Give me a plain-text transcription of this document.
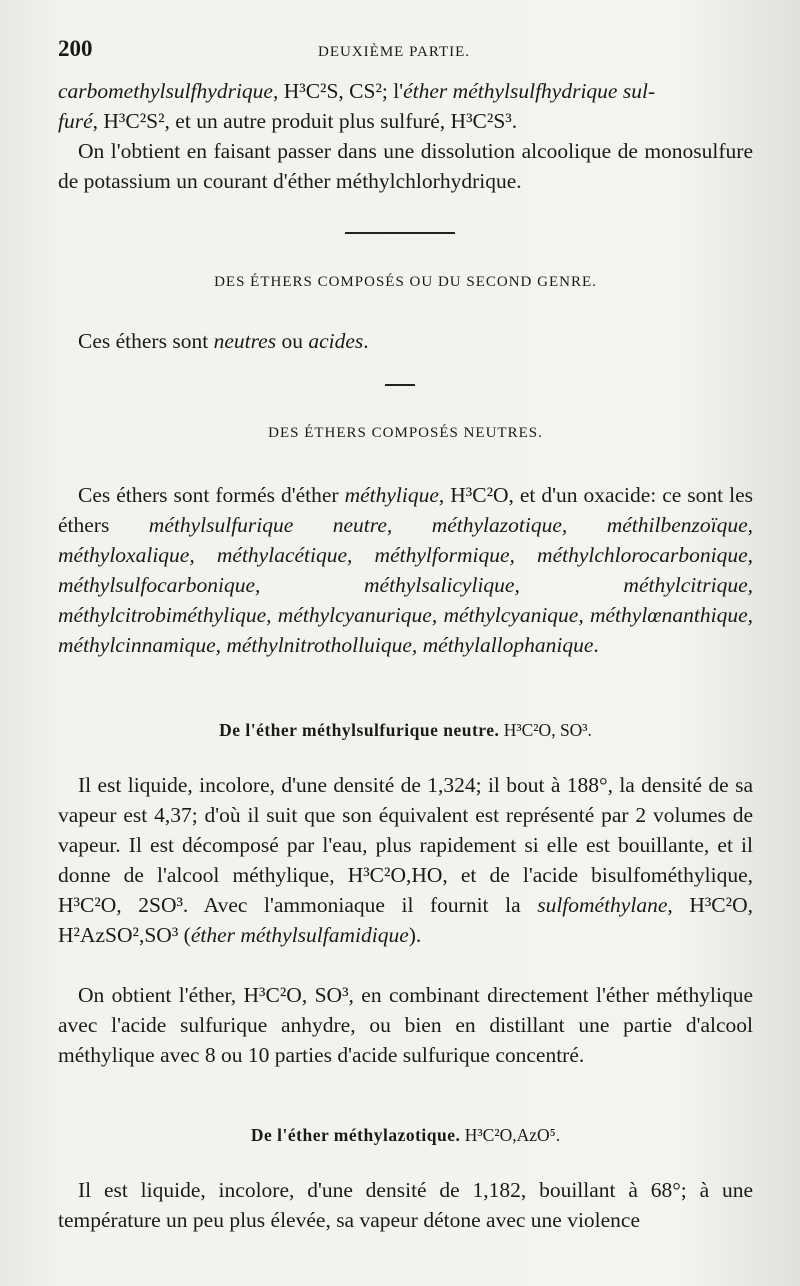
200	DEUXIÈME PARTIE.
carbomethylsulfhydrique, H³C²S, CS²; l'éther méthylsulfhydrique sul-
furé, H³C²S², et un autre produit plus sulfuré, H³C²S³.
On l'obtient en faisant passer dans une dissolution alcoolique de monosulfure de potassium un courant d'éther méthylchlorhydrique.
DES ÉTHERS COMPOSÉS OU DU SECOND GENRE.
Ces éthers sont neutres ou acides.
DES ÉTHERS COMPOSÉS NEUTRES.
Ces éthers sont formés d'éther méthylique, H³C²O, et d'un oxacide: ce sont les éthers méthylsulfurique neutre, méthylazotique, méthilbenzoïque, méthyloxalique, méthylacétique, méthylformique, méthylchlorocarbonique, méthylsulfocarbonique, méthylsalicylique, méthylcitrique, méthylcitrobiméthylique, méthylcyanurique, méthylcyanique, méthylœnanthique, méthylcinnamique, méthylnitrotholluique, méthylallophanique.
De l'éther méthylsulfurique neutre. H³C²O, SO³.
Il est liquide, incolore, d'une densité de 1,324; il bout à 188°, la densité de sa vapeur est 4,37; d'où il suit que son équivalent est représenté par 2 volumes de vapeur. Il est décomposé par l'eau, plus rapidement si elle est bouillante, et il donne de l'alcool méthylique, H³C²O,HO, et de l'acide bisulfométhylique, H³C²O, 2SO³. Avec l'ammoniaque il fournit la sulfométhylane, H³C²O, H²AzSO²,SO³ (éther méthylsulfamidique).
On obtient l'éther, H³C²O, SO³, en combinant directement l'éther méthylique avec l'acide sulfurique anhydre, ou bien en distillant une partie d'alcool méthylique avec 8 ou 10 parties d'acide sulfurique concentré.
De l'éther méthylazotique. H³C²O,AzO⁵.
Il est liquide, incolore, d'une densité de 1,182, bouillant à 68°; à une température un peu plus élevée, sa vapeur détone avec une violence
